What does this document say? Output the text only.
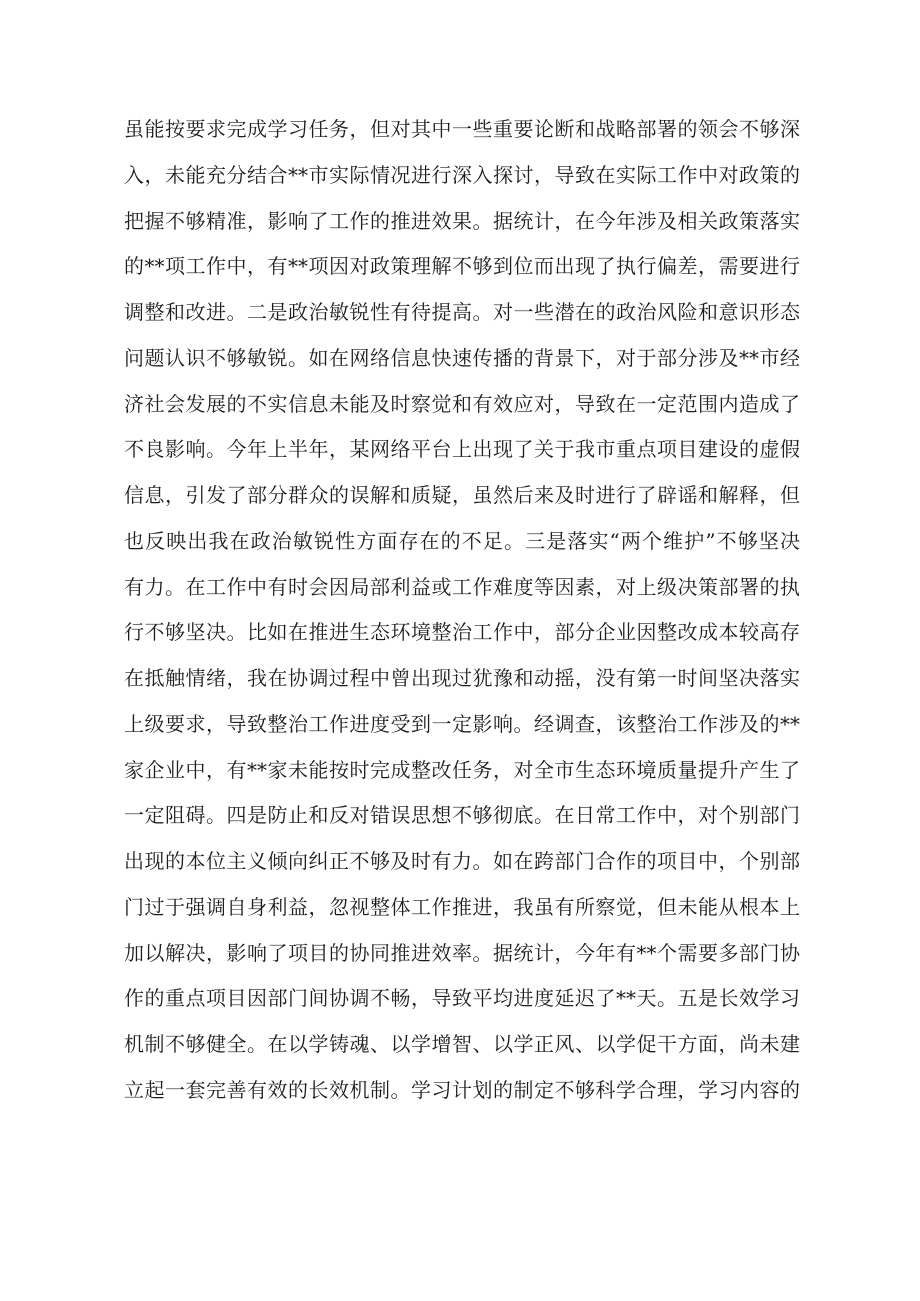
虽能按要求完成学习任务，但对其中一些重要论断和战略部署的领会不够深
入，未能充分结合**市实际情况进行深入探讨，导致在实际工作中对政策的
把握不够精准，影响了工作的推进效果。据统计，在今年涉及相关政策落实
的**项工作中，有**项因对政策理解不够到位而出现了执行偏差，需要进行
调整和改进。二是政治敏锐性有待提高。对一些潜在的政治风险和意识形态
问题认识不够敏锐。如在网络信息快速传播的背景下，对于部分涉及**市经
济社会发展的不实信息未能及时察觉和有效应对，导致在一定范围内造成了
不良影响。今年上半年，某网络平台上出现了关于我市重点项目建设的虚假
信息，引发了部分群众的误解和质疑，虽然后来及时进行了辟谣和解释，但
也反映出我在政治敏锐性方面存在的不足。三是落实“两个维护”不够坚决
有力。在工作中有时会因局部利益或工作难度等因素，对上级决策部署的执
行不够坚决。比如在推进生态环境整治工作中，部分企业因整改成本较高存
在抵触情绪，我在协调过程中曾出现过犹豫和动摇，没有第一时间坚决落实
上级要求，导致整治工作进度受到一定影响。经调查，该整治工作涉及的**
家企业中，有**家未能按时完成整改任务，对全市生态环境质量提升产生了
一定阻碍。四是防止和反对错误思想不够彻底。在日常工作中，对个别部门
出现的本位主义倾向纠正不够及时有力。如在跨部门合作的项目中，个别部
门过于强调自身利益，忽视整体工作推进，我虽有所察觉，但未能从根本上
加以解决，影响了项目的协同推进效率。据统计，今年有**个需要多部门协
作的重点项目因部门间协调不畅，导致平均进度延迟了**天。五是长效学习
机制不够健全。在以学铸魂、以学增智、以学正风、以学促干方面，尚未建
立起一套完善有效的长效机制。学习计划的制定不够科学合理，学习内容的
